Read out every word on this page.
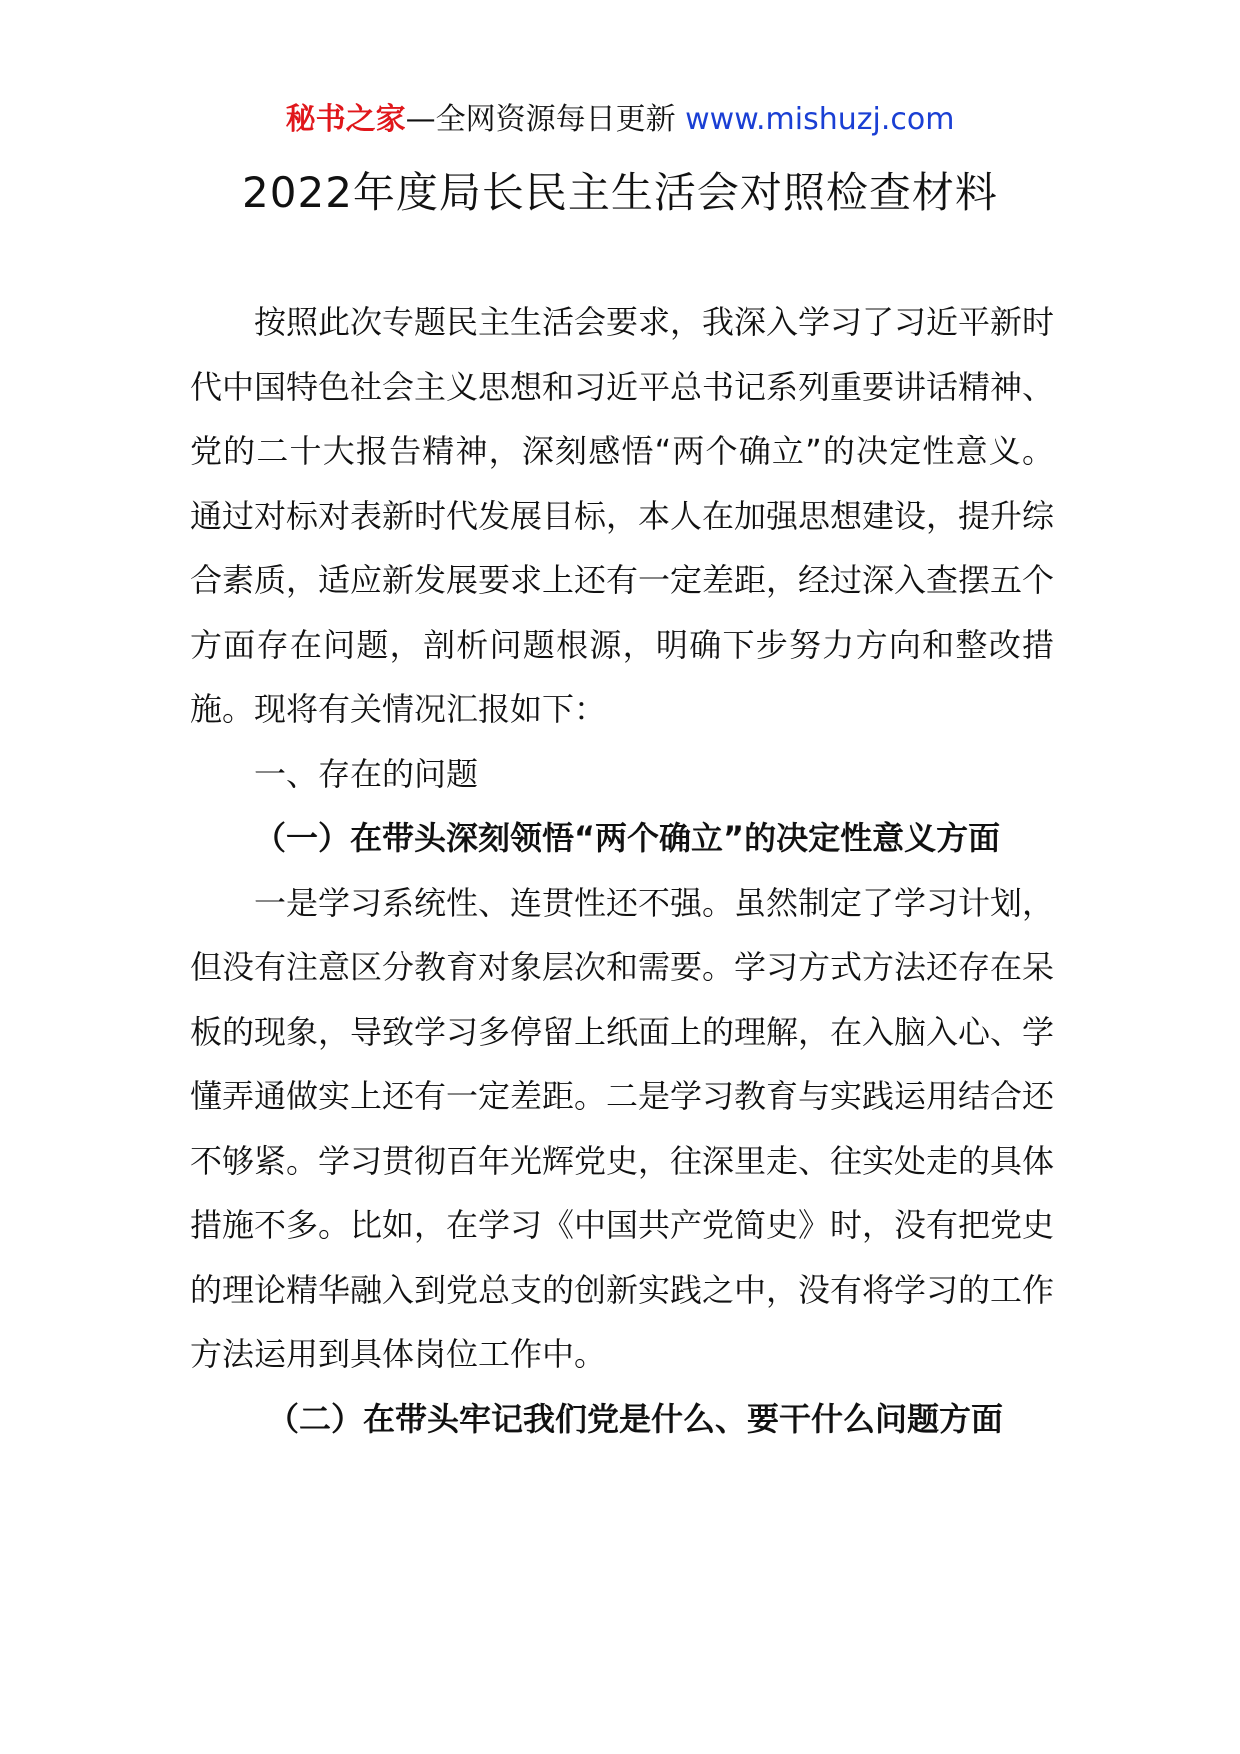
秘书之家—全网资源每日更新 www.mishuzj.com
2022年度局长民主生活会对照检查材料

按照此次专题民主生活会要求，我深入学习了习近平新时代中国特色社会主义思想和习近平总书记系列重要讲话精神、党的二十大报告精神，深刻感悟“两个确立”的决定性意义。通过对标对表新时代发展目标，本人在加强思想建设，提升综合素质，适应新发展要求上还有一定差距，经过深入查摆五个方面存在问题，剖析问题根源，明确下步努力方向和整改措施。现将有关情况汇报如下：

一、存在的问题

（一）在带头深刻领悟“两个确立”的决定性意义方面

一是学习系统性、连贯性还不强。虽然制定了学习计划，但没有注意区分教育对象层次和需要。学习方式方法还存在呆板的现象，导致学习多停留上纸面上的理解，在入脑入心、学懂弄通做实上还有一定差距。二是学习教育与实践运用结合还不够紧。学习贯彻百年光辉党史，往深里走、往实处走的具体措施不多。比如，在学习《中国共产党简史》时，没有把党史的理论精华融入到党总支的创新实践之中，没有将学习的工作方法运用到具体岗位工作中。

（二）在带头牢记我们党是什么、要干什么问题方面
